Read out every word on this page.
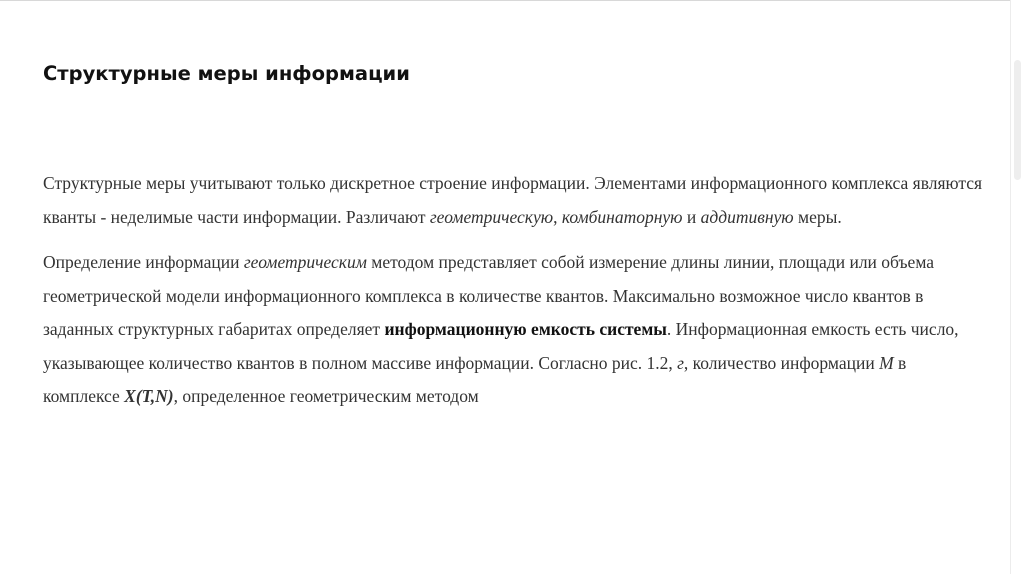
Структурные меры информации

Структурные меры учитывают только дискретное строение информации. Элементами информационного комплекса являются кванты - неделимые части информации. Различают геометрическую, комбинаторную и аддитивную меры.

Определение информации геометрическим методом представляет собой измерение длины линии, площади или объема геометрической модели информационного комплекса в количестве квантов. Максимально возможное число квантов в заданных структурных габаритах определяет информационную емкость системы. Информационная емкость есть число, указывающее количество квантов в полном массиве информации. Согласно рис. 1.2, г, количество информации М в комплексе X(T,N), определенное геометрическим методом
